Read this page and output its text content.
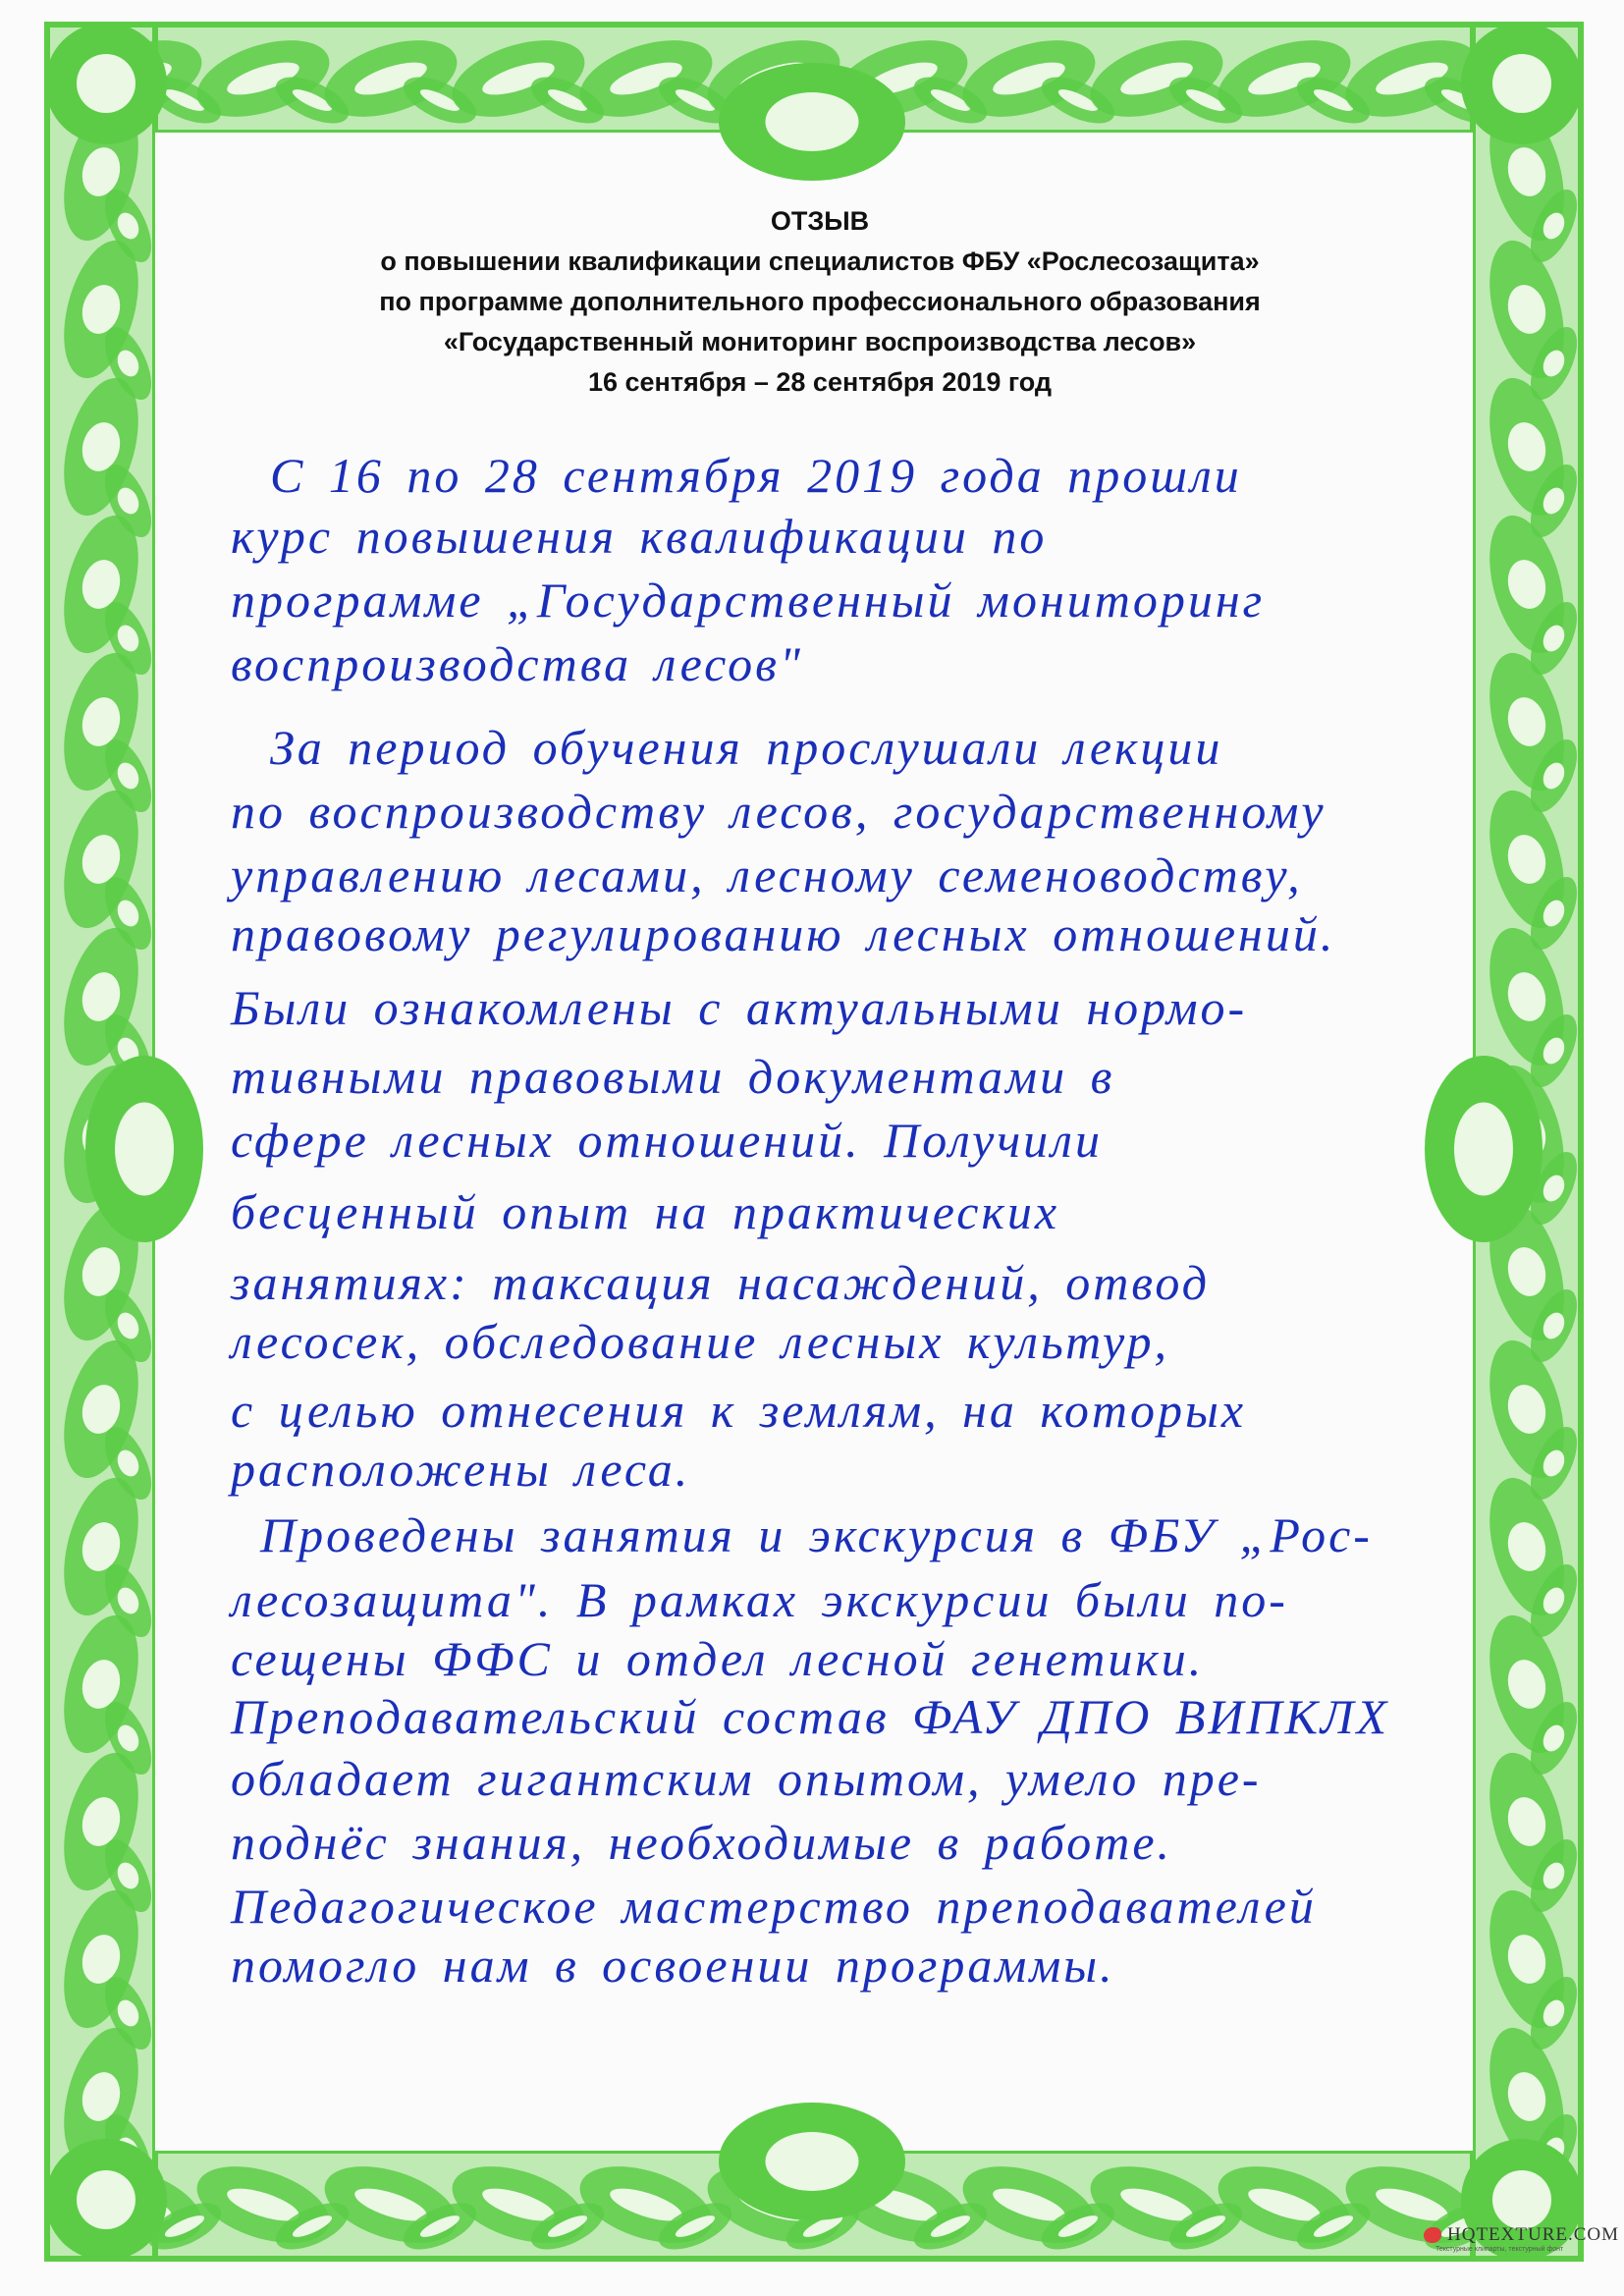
ОТЗЫВ
о повышении квалификации специалистов ФБУ «Рослесозащита»
по программе дополнительного профессионального образования
«Государственный мониторинг воспроизводства лесов»
16 сентября – 28 сентября 2019 год
С 16 по 28 сентября 2019 года прошли
курс повышения квалификации по
программе „Государственный мониторинг
воспроизводства лесов"
За период обучения прослушали лекции
по воспроизводству лесов, государственному
управлению лесами, лесному семеноводству,
правовому регулированию лесных отношений.
Были ознакомлены с актуальными нормо-
тивными правовыми документами в
сфере лесных отношений. Получили
бесценный опыт на практических
занятиях: таксация насаждений, отвод
лесосек, обследование лесных культур,
с целью отнесения к землям, на которых
расположены леса.
Проведены занятия и экскурсия в ФБУ „Рос-
лесозащита". В рамках экскурсии были по-
сещены ФФС и отдел лесной генетики.
Преподавательский состав ФАУ ДПО ВИПКЛХ
обладает гигантским опытом, умело пре-
поднёс знания, необходимые в работе.
Педагогическое мастерство преподавателей
помогло нам в освоении программы.
HQTEXTURE.COM
Текстурные клипарты, текстурный фонт
